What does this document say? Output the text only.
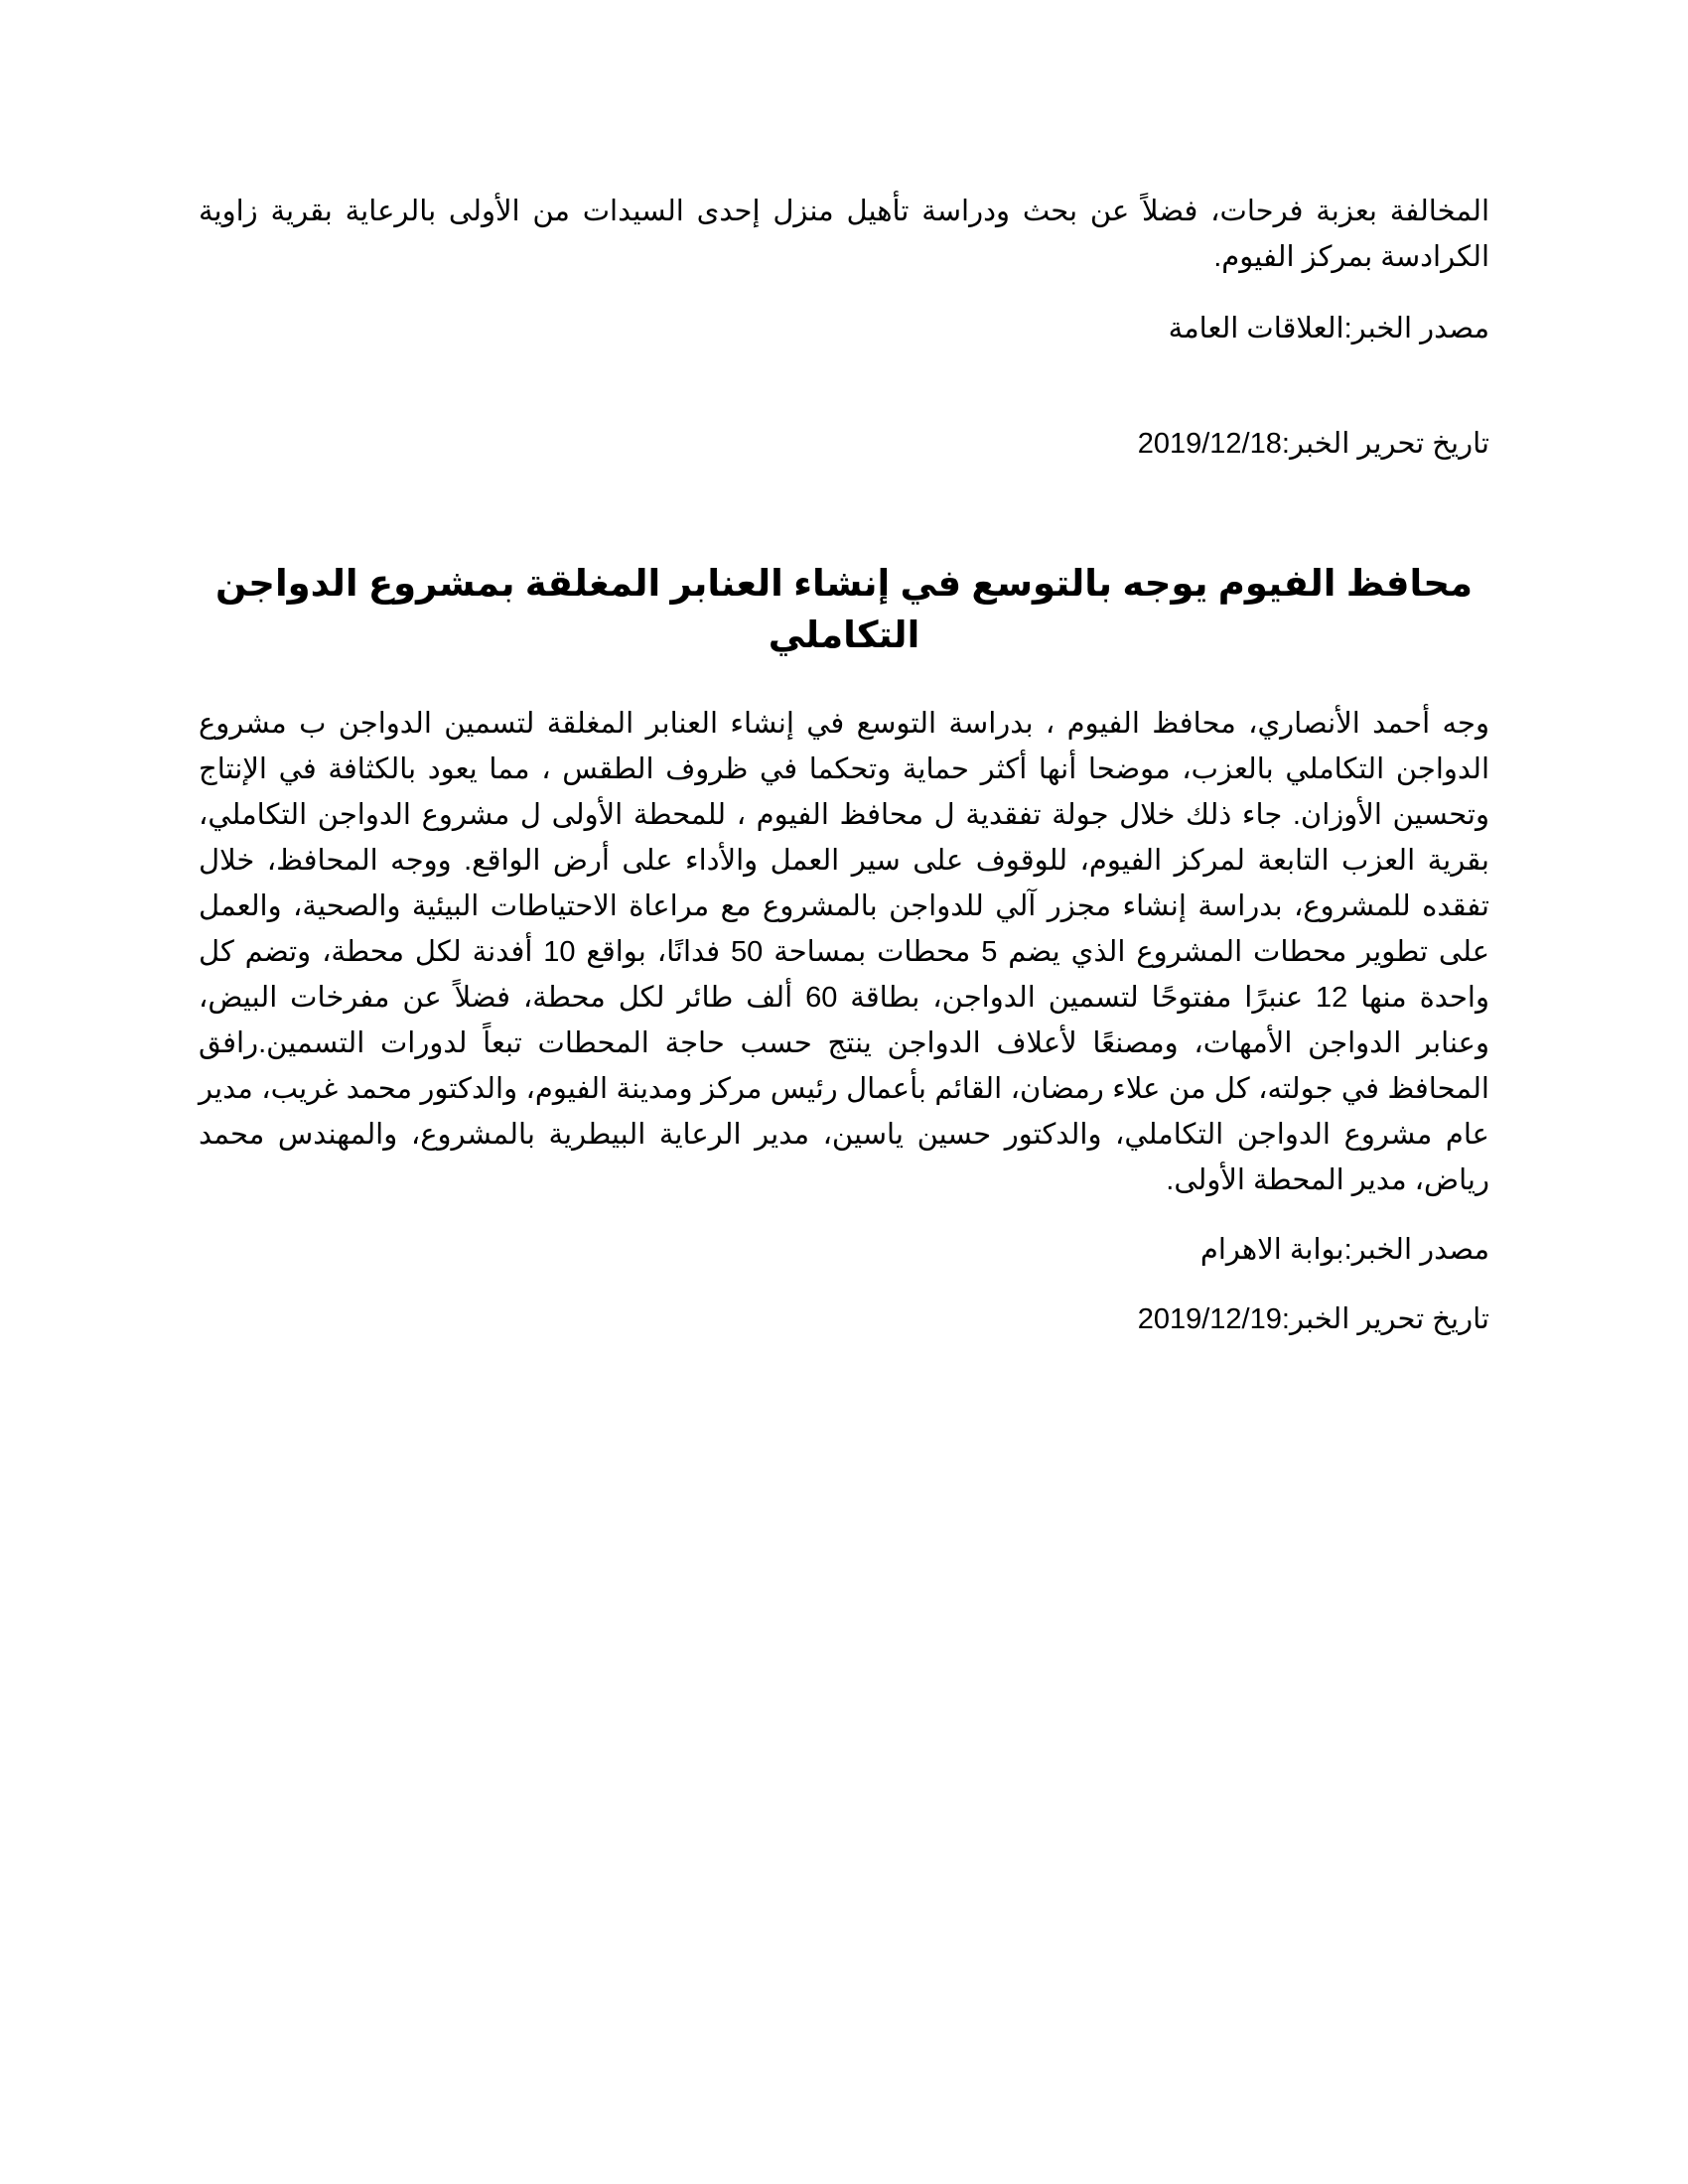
المخالفة بعزبة فرحات، فضلاً عن بحث ودراسة تأهيل منزل إحدى السيدات من الأولى بالرعاية بقرية زاوية الكرادسة بمركز الفيوم.

مصدر الخبر:العلاقات العامة

تاريخ تحرير الخبر:2019/12/18

محافظ الفيوم يوجه بالتوسع في إنشاء العنابر المغلقة بمشروع الدواجن التكاملي

وجه أحمد الأنصاري، محافظ الفيوم ، بدراسة التوسع في إنشاء العنابر المغلقة لتسمين الدواجن ب مشروع الدواجن التكاملي بالعزب، موضحا أنها أكثر حماية وتحكما في ظروف الطقس ، مما يعود بالكثافة في الإنتاج وتحسين الأوزان. جاء ذلك خلال جولة تفقدية ل محافظ الفيوم ، للمحطة الأولى ل مشروع الدواجن التكاملي، بقرية العزب التابعة لمركز الفيوم، للوقوف على سير العمل والأداء على أرض الواقع. ووجه المحافظ، خلال تفقده للمشروع، بدراسة إنشاء مجزر آلي للدواجن بالمشروع مع مراعاة الاحتياطات البيئية والصحية، والعمل على تطوير محطات المشروع الذي يضم 5 محطات بمساحة 50 فدانًا، بواقع 10 أفدنة لكل محطة، وتضم كل واحدة منها 12 عنبرًا مفتوحًا لتسمين الدواجن، بطاقة 60 ألف طائر لكل محطة، فضلاً عن مفرخات البيض، وعنابر الدواجن الأمهات، ومصنعًا لأعلاف الدواجن ينتج حسب حاجة المحطات تبعاً لدورات التسمين.رافق المحافظ في جولته، كل من علاء رمضان، القائم بأعمال رئيس مركز ومدينة الفيوم، والدكتور محمد غريب، مدير عام مشروع الدواجن التكاملي، والدكتور حسين ياسين، مدير الرعاية البيطرية بالمشروع، والمهندس محمد رياض، مدير المحطة الأولى.

مصدر الخبر:بوابة الاهرام

تاريخ تحرير الخبر:2019/12/19
